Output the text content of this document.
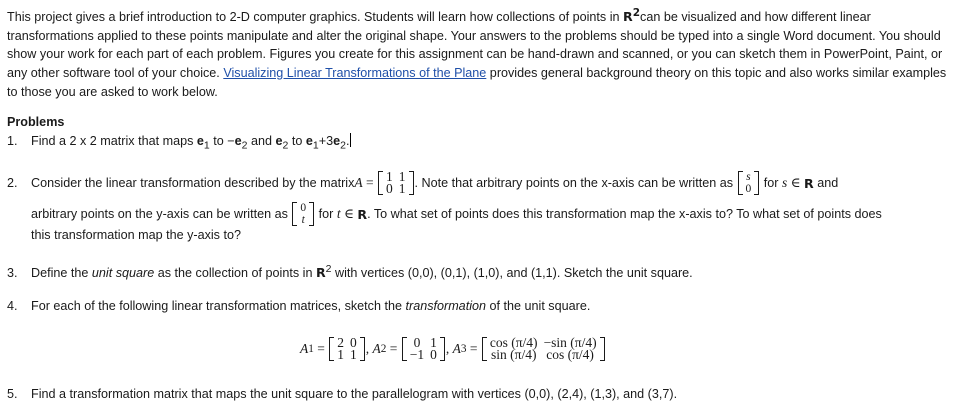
This project gives a brief introduction to 2-D computer graphics. Students will learn how collections of points in $R^2can$ be visualized and how different linear transformations applied to these points manipulate and alter the original shape. Your answers to the problems should be typed into a single Word document. You should show your work for each part of each problem. Figures you create for this assignment can be hand-drawn and scanned, or you can sketch them in PowerPoint, Paint, or any other software tool of your choice. Visualizing Linear Transformations of the Plane provides general background theory on this topic and also works similar examples to those you are asked to work below.
Problems
1. Find a 2 x 2 matrix that maps $e_1$ to $-e_2$ and $e_2$ to $e_1+3e_2$.
2.	Consider the linear transformation described by the matrix A = 1
0
1
1 . Note that arbitrary points on the x-axis can be written as s
0 for s ∈ R and
arbitrary points on the y-axis can be written as 0
t for t ∈ R . To what set of points does this transformation map the x-axis to? To what set of points does
this transformation map the y-axis to?
3. Define the unit square as the collection of points in $R^2$ with vertices (0,0), (0,1), (1,0), and (1,1). Sketch the unit square.
4. For each of the following linear transformation matrices, sketch the transformation of the unit square.
A 1 = 2
1
0
1 , A 2 = 0
−1
1
0 , A 3 = cos (π/4)
sin (π/4)
−sin (π/4)
cos (π/4)
5. Find a transformation matrix that maps the unit square to the parallelogram with vertices (0,0), (2,4), (1,3), and (3,7).
